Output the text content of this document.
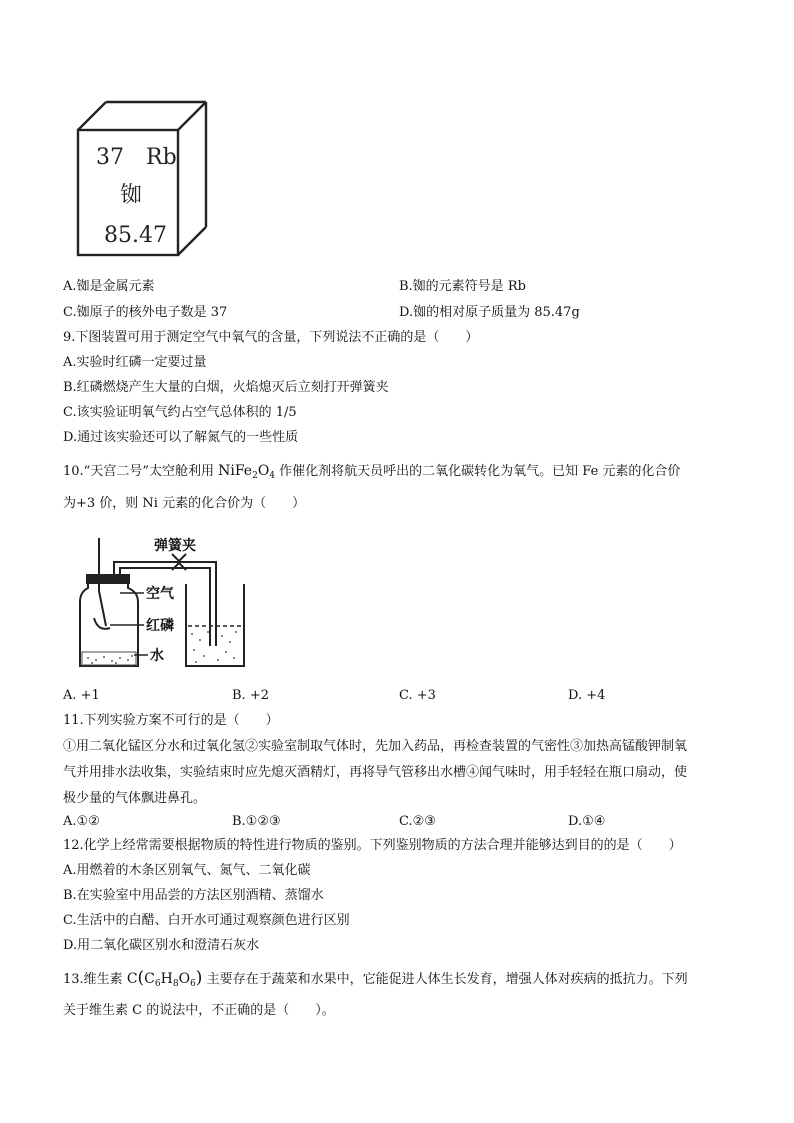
37 Rb
铷
85.47
A.铷是金属元素	B.铷的元素符号是 Rb
C.铷原子的核外电子数是 37	D.铷的相对原子质量为 85.47g
9.下图装置可用于测定空气中氧气的含量，下列说法不正确的是（　　）
A.实验时红磷一定要过量
B.红磷燃烧产生大量的白烟，火焰熄灭后立刻打开弹簧夹
C.该实验证明氧气约占空气总体积的 1/5
D.通过该实验还可以了解氮气的一些性质
10.“天宫二号”太空舱利用 $NiFe_2O_4$ 作催化剂将航天员呼出的二氧化碳转化为氧气。已知 Fe 元素的化合价
为+3 价，则 Ni 元素的化合价为（　　）
弹簧夹
空气
红磷
水
A. +1	B. +2	C. +3	D. +4
11.下列实验方案不可行的是（　　）
①用二氧化锰区分水和过氧化氢②实验室制取气体时，先加入药品，再检查装置的气密性③加热高锰酸钾制氧
气并用排水法收集，实验结束时应先熄灭酒精灯，再将导气管移出水槽④闻气味时，用手轻轻在瓶口扇动，使
极少量的气体飘进鼻孔。
A.①②	B.①②③	C.②③	D.①④
12.化学上经常需要根据物质的特性进行物质的鉴别。下列鉴别物质的方法合理并能够达到目的的是（　　）
A.用燃着的木条区别氧气、氮气、二氧化碳
B.在实验室中用品尝的方法区别酒精、蒸馏水
C.生活中的白醋、白开水可通过观察颜色进行区别
D.用二氧化碳区别水和澄清石灰水
13.维生素 $C(C_6H_8O_6)$ 主要存在于蔬菜和水果中，它能促进人体生长发育，增强人体对疾病的抵抗力。下列
关于维生素 C 的说法中，不正确的是（　　）。
